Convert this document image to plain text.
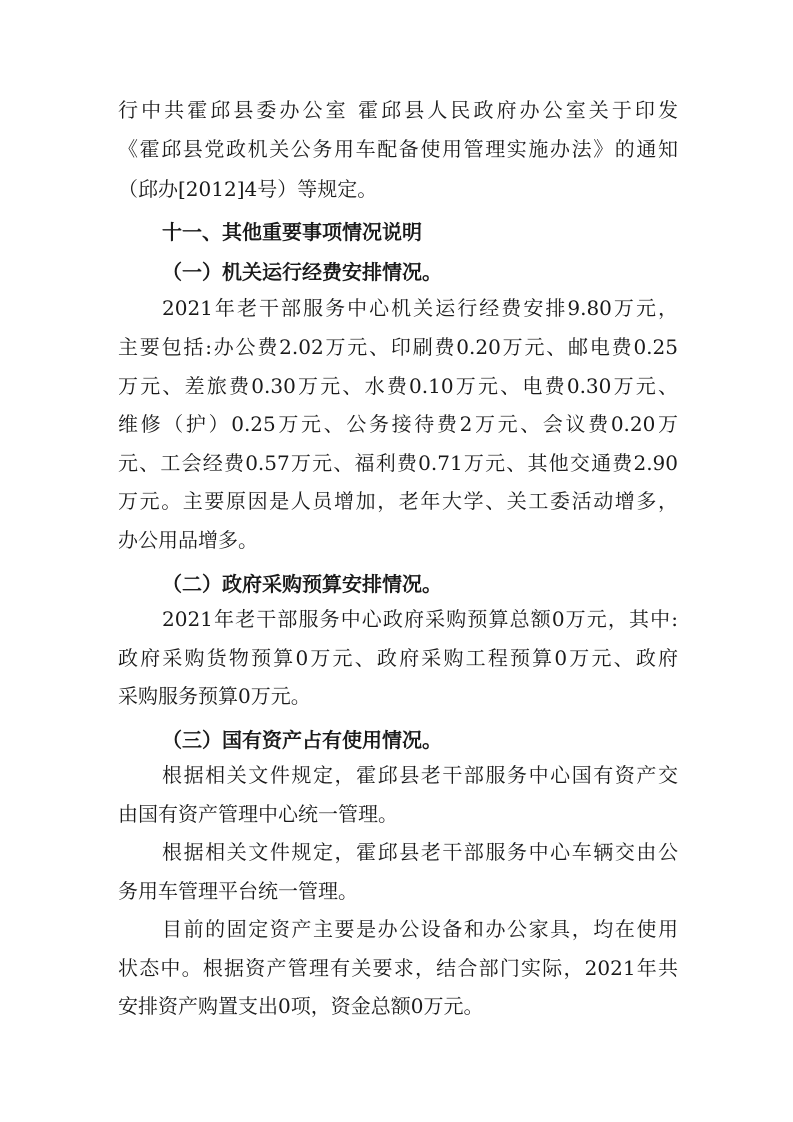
行中共霍邱县委办公室 霍邱县人民政府办公室关于印发
《霍邱县党政机关公务用车配备使用管理实施办法》的通知
（邱办[2012]4号）等规定。
十一、其他重要事项情况说明
（一）机关运行经费安排情况。
2021年老干部服务中心机关运行经费安排9.80万元，
主要包括:办公费2.02万元、印刷费0.20万元、邮电费0.25
万元、差旅费0.30万元、水费0.10万元、电费0.30万元、
维修（护）0.25万元、公务接待费2万元、会议费0.20万
元、工会经费0.57万元、福利费0.71万元、其他交通费2.90
万元。主要原因是人员增加，老年大学、关工委活动增多，
办公用品增多。
（二）政府采购预算安排情况。
2021年老干部服务中心政府采购预算总额0万元，其中:
政府采购货物预算0万元、政府采购工程预算0万元、政府
采购服务预算0万元。
（三）国有资产占有使用情况。
根据相关文件规定，霍邱县老干部服务中心国有资产交
由国有资产管理中心统一管理。
根据相关文件规定，霍邱县老干部服务中心车辆交由公
务用车管理平台统一管理。
目前的固定资产主要是办公设备和办公家具，均在使用
状态中。根据资产管理有关要求，结合部门实际，2021年共
安排资产购置支出0项，资金总额0万元。
